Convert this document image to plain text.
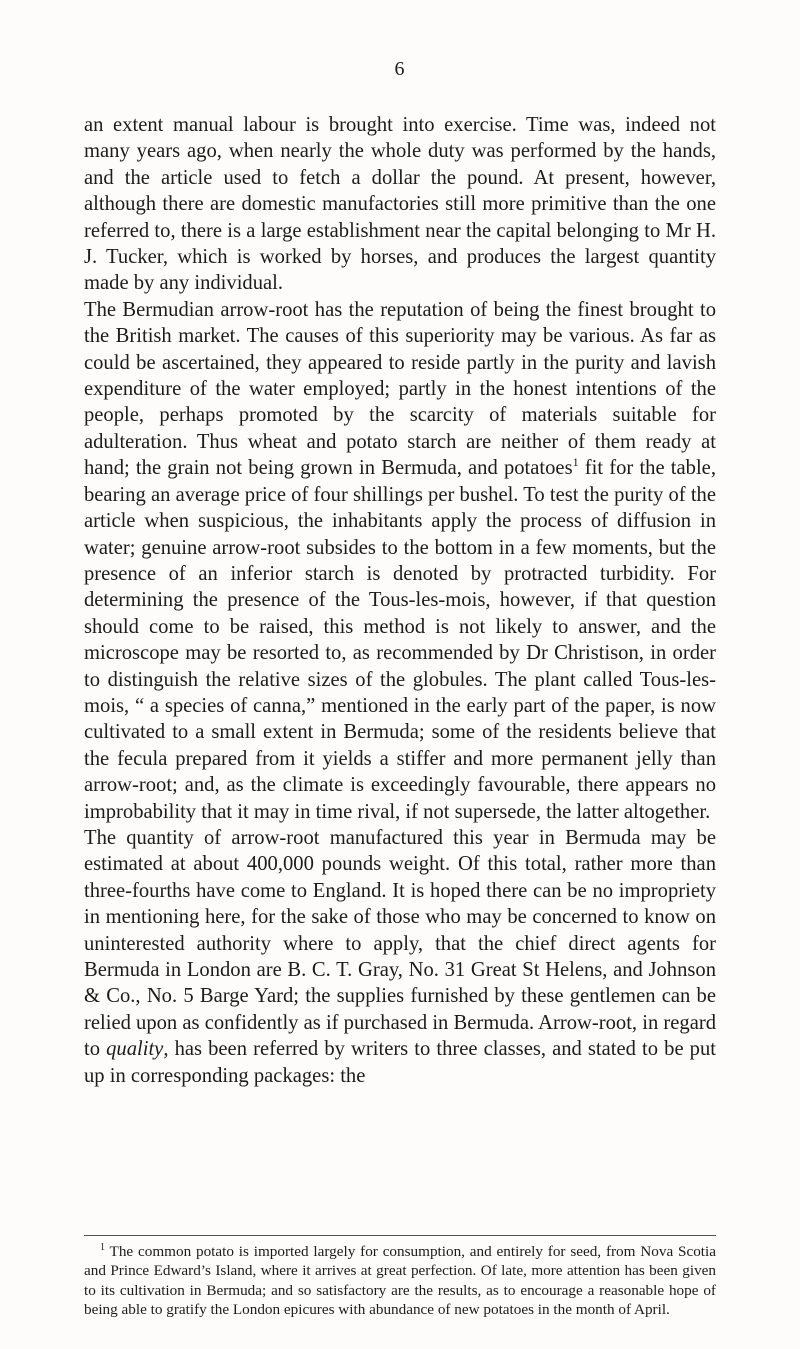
6

an extent manual labour is brought into exercise. Time was, indeed not many years ago, when nearly the whole duty was performed by the hands, and the article used to fetch a dollar the pound. At present, however, although there are domestic manufactories still more primitive than the one referred to, there is a large establishment near the capital belonging to Mr H. J. Tucker, which is worked by horses, and produces the largest quantity made by any individual.

The Bermudian arrow-root has the reputation of being the finest brought to the British market. The causes of this superiority may be various. As far as could be ascertained, they appeared to reside partly in the purity and lavish expenditure of the water employed; partly in the honest intentions of the people, perhaps promoted by the scarcity of materials suitable for adulteration. Thus wheat and potato starch are neither of them ready at hand; the grain not being grown in Bermuda, and potatoes$^1$ fit for the table, bearing an average price of four shillings per bushel. To test the purity of the article when suspicious, the inhabitants apply the process of diffusion in water; genuine arrow-root subsides to the bottom in a few moments, but the presence of an inferior starch is denoted by protracted turbidity. For determining the presence of the Tous-les-mois, however, if that question should come to be raised, this method is not likely to answer, and the microscope may be resorted to, as recommended by Dr Christison, in order to distinguish the relative sizes of the globules. The plant called Tous-les-mois, “ a species of canna,” mentioned in the early part of the paper, is now cultivated to a small extent in Bermuda; some of the residents believe that the fecula prepared from it yields a stiffer and more permanent jelly than arrow-root; and, as the climate is exceedingly favourable, there appears no improbability that it may in time rival, if not supersede, the latter altogether.

The quantity of arrow-root manufactured this year in Bermuda may be estimated at about 400,000 pounds weight. Of this total, rather more than three-fourths have come to England. It is hoped there can be no impropriety in mentioning here, for the sake of those who may be concerned to know on uninterested authority where to apply, that the chief direct agents for Bermuda in London are B. C. T. Gray, No. 31 Great St Helens, and Johnson & Co., No. 5 Barge Yard; the supplies furnished by these gentlemen can be relied upon as confidently as if purchased in Bermuda. Arrow-root, in regard to quality, has been referred by writers to three classes, and stated to be put up in corresponding packages: the

$^1$ The common potato is imported largely for consumption, and entirely for seed, from Nova Scotia and Prince Edward’s Island, where it arrives at great perfection. Of late, more attention has been given to its cultivation in Bermuda; and so satisfactory are the results, as to encourage a reasonable hope of being able to gratify the London epicures with abundance of new potatoes in the month of April.
